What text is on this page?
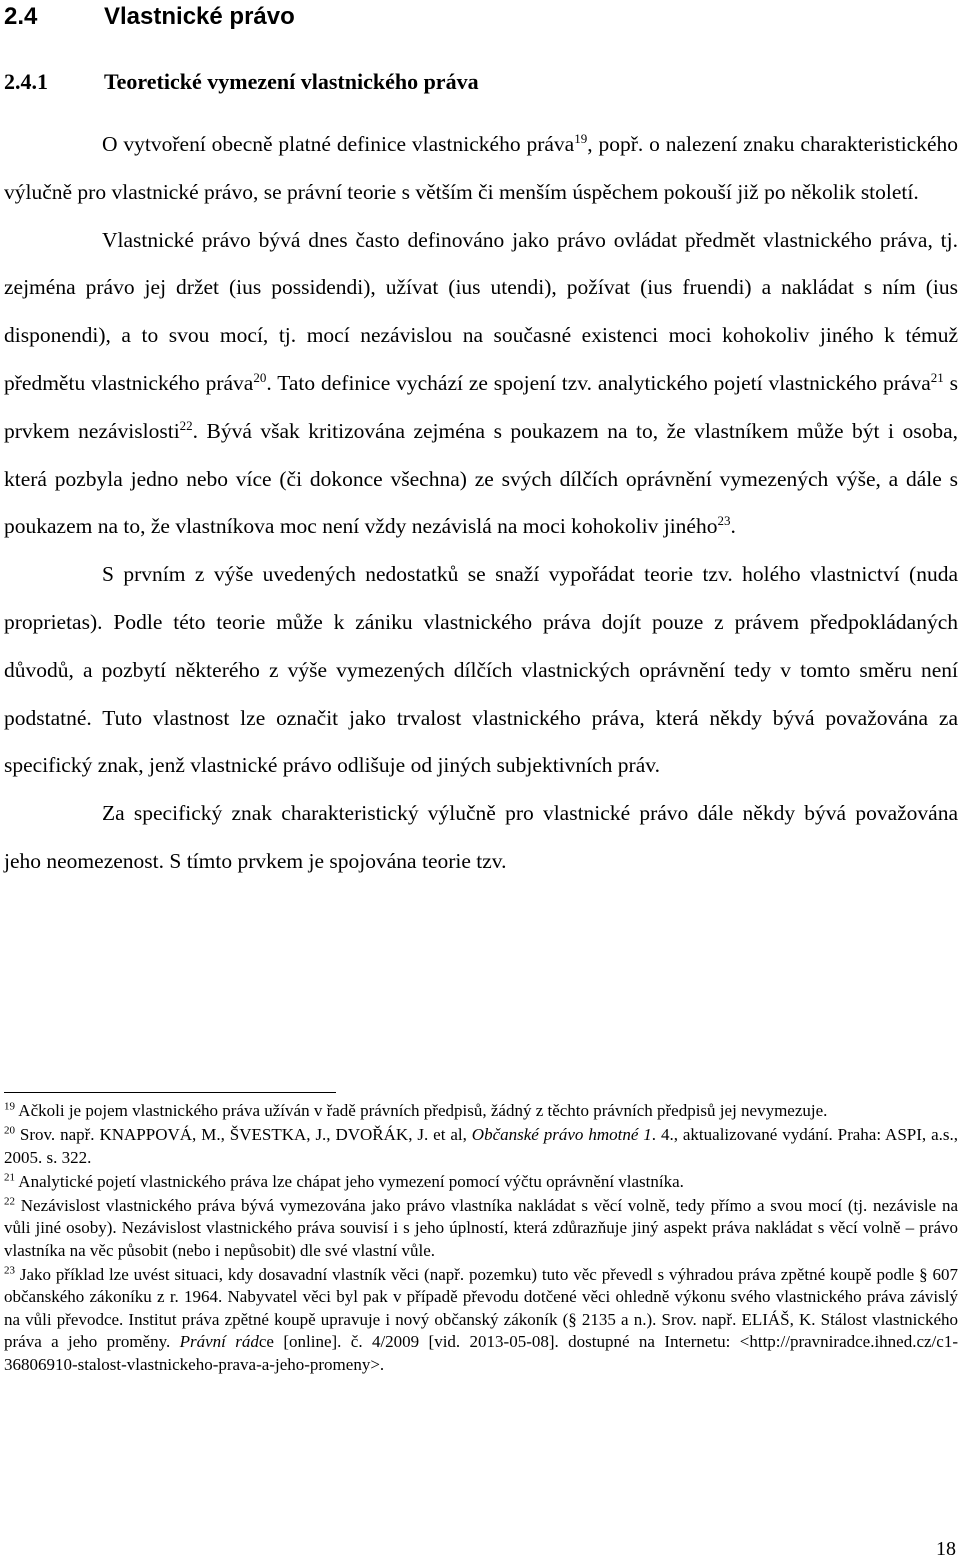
2.4	Vlastnické právo
2.4.1	Teoretické vymezení vlastnického práva

O vytvoření obecně platné definice vlastnického práva$^{19}$, popř. o nalezení znaku charakteristického výlučně pro vlastnické právo, se právní teorie s větším či menším úspěchem pokouší již po několik století.

Vlastnické právo bývá dnes často definováno jako právo ovládat předmět vlastnického práva, tj. zejména právo jej držet (ius possidendi), užívat (ius utendi), požívat (ius fruendi) a nakládat s ním (ius disponendi), a to svou mocí, tj. mocí nezávislou na současné existenci moci kohokoliv jiného k témuž předmětu vlastnického práva$^{20}$. Tato definice vychází ze spojení tzv. analytického pojetí vlastnického práva$^{21}$ s prvkem nezávislosti$^{22}$. Bývá však kritizována zejména s poukazem na to, že vlastníkem může být i osoba, která pozbyla jedno nebo více (či dokonce všechna) ze svých dílčích oprávnění vymezených výše, a dále s poukazem na to, že vlastníkova moc není vždy nezávislá na moci kohokoliv jiného$^{23}$.

S prvním z výše uvedených nedostatků se snaží vypořádat teorie tzv. holého vlastnictví (nuda proprietas). Podle této teorie může k zániku vlastnického práva dojít pouze z právem předpokládaných důvodů, a pozbytí některého z výše vymezených dílčích vlastnických oprávnění tedy v tomto směru není podstatné. Tuto vlastnost lze označit jako trvalost vlastnického práva, která někdy bývá považována za specifický znak, jenž vlastnické právo odlišuje od jiných subjektivních práv.

Za specifický znak charakteristický výlučně pro vlastnické právo dále někdy bývá považována jeho neomezenost. S tímto prvkem je spojována teorie tzv.

$^{19}$ Ačkoli je pojem vlastnického práva užíván v řadě právních předpisů, žádný z těchto právních předpisů jej nevymezuje.

$^{20}$ Srov. např. KNAPPOVÁ, M., ŠVESTKA, J., DVOŘÁK, J. et al, Občanské právo hmotné 1. 4., aktualizované vydání. Praha: ASPI, a.s., 2005. s. 322.

$^{21}$ Analytické pojetí vlastnického práva lze chápat jeho vymezení pomocí výčtu oprávnění vlastníka.

$^{22}$ Nezávislost vlastnického práva bývá vymezována jako právo vlastníka nakládat s věcí volně, tedy přímo a svou mocí (tj. nezávisle na vůli jiné osoby). Nezávislost vlastnického práva souvisí i s jeho úplností, která zdůrazňuje jiný aspekt práva nakládat s věcí volně – právo vlastníka na věc působit (nebo i nepůsobit) dle své vlastní vůle.

$^{23}$ Jako příklad lze uvést situaci, kdy dosavadní vlastník věci (např. pozemku) tuto věc převedl s výhradou práva zpětné koupě podle § 607 občanského zákoníku z r. 1964. Nabyvatel věci byl pak v případě převodu dotčené věci ohledně výkonu svého vlastnického práva závislý na vůli převodce. Institut práva zpětné koupě upravuje i nový občanský zákoník (§ 2135 a n.). Srov. např. ELIÁŠ, K. Stálost vlastnického práva a jeho proměny. Právní rádce [online]. č. 4/2009 [vid. 2013-05-08]. dostupné na Internetu: <http://pravniradce.ihned.cz/c1-36806910-stalost-vlastnickeho-prava-a-jeho-promeny>.

18
